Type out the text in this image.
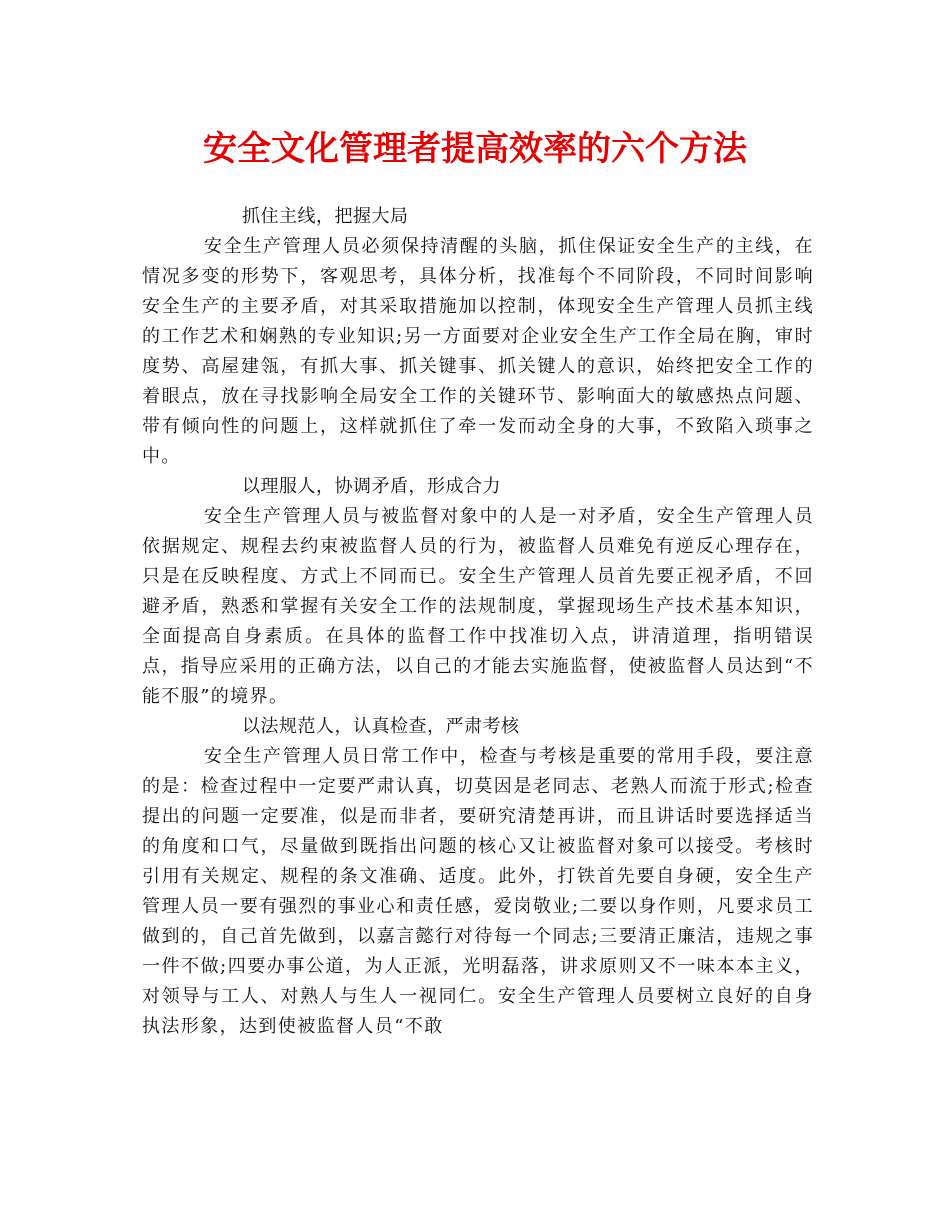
安全文化管理者提高效率的六个方法

抓住主线，把握大局

安全生产管理人员必须保持清醒的头脑，抓住保证安全生产的主线，在情况多变的形势下，客观思考，具体分析，找准每个不同阶段，不同时间影响安全生产的主要矛盾，对其采取措施加以控制，体现安全生产管理人员抓主线的工作艺术和娴熟的专业知识;另一方面要对企业安全生产工作全局在胸，审时度势、高屋建瓴，有抓大事、抓关键事、抓关键人的意识，始终把安全工作的着眼点，放在寻找影响全局安全工作的关键环节、影响面大的敏感热点问题、带有倾向性的问题上，这样就抓住了牵一发而动全身的大事，不致陷入琐事之中。

以理服人，协调矛盾，形成合力

安全生产管理人员与被监督对象中的人是一对矛盾，安全生产管理人员依据规定、规程去约束被监督人员的行为，被监督人员难免有逆反心理存在，只是在反映程度、方式上不同而已。安全生产管理人员首先要正视矛盾，不回避矛盾，熟悉和掌握有关安全工作的法规制度，掌握现场生产技术基本知识，全面提高自身素质。在具体的监督工作中找准切入点，讲清道理，指明错误点，指导应采用的正确方法，以自己的才能去实施监督，使被监督人员达到“不能不服”的境界。

以法规范人，认真检查，严肃考核

安全生产管理人员日常工作中，检查与考核是重要的常用手段，要注意的是：检查过程中一定要严肃认真，切莫因是老同志、老熟人而流于形式;检查提出的问题一定要准，似是而非者，要研究清楚再讲，而且讲话时要选择适当的角度和口气，尽量做到既指出问题的核心又让被监督对象可以接受。考核时引用有关规定、规程的条文准确、适度。此外，打铁首先要自身硬，安全生产管理人员一要有强烈的事业心和责任感，爱岗敬业;二要以身作则，凡要求员工做到的，自己首先做到，以嘉言懿行对待每一个同志;三要清正廉洁，违规之事一件不做;四要办事公道，为人正派，光明磊落，讲求原则又不一味本本主义，对领导与工人、对熟人与生人一视同仁。安全生产管理人员要树立良好的自身执法形象，达到使被监督人员“不敢
